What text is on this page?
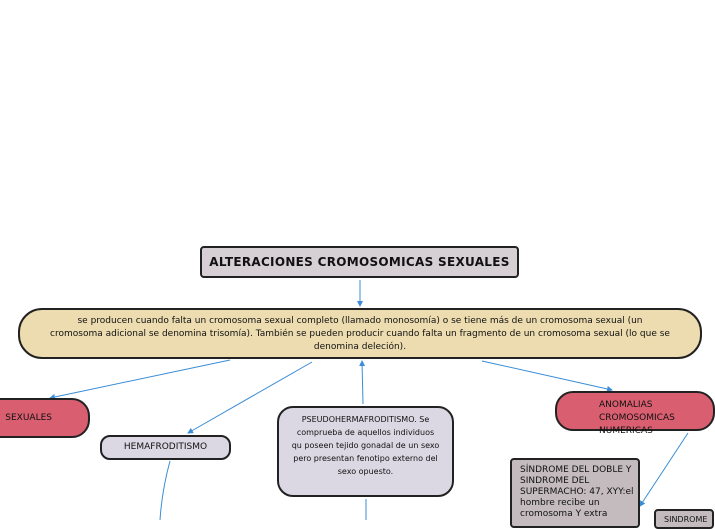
ALTERACIONES CROMOSOMICAS SEXUALES
se producen cuando falta un cromosoma sexual completo (llamado monosomía) o se tiene más de un cromosoma sexual (un cromosoma adicional se denomina trisomía). También se pueden producir cuando falta un fragmento de un cromosoma sexual (lo que se denomina deleción).
SEXUALES
HEMAFRODITISMO
PSEUDOHERMAFRODITISMO. Se comprueba de aquellos individuos qu poseen tejido gonadal de un sexo pero presentan fenotipo externo del sexo opuesto.
ANOMALIAS CROMOSOMICAS NUMERICAS
SÍNDROME DEL DOBLE Y SINDROME DEL SUPERMACHO: 47, XYY:el hombre recibe un cromosoma Y extra
SINDROME
